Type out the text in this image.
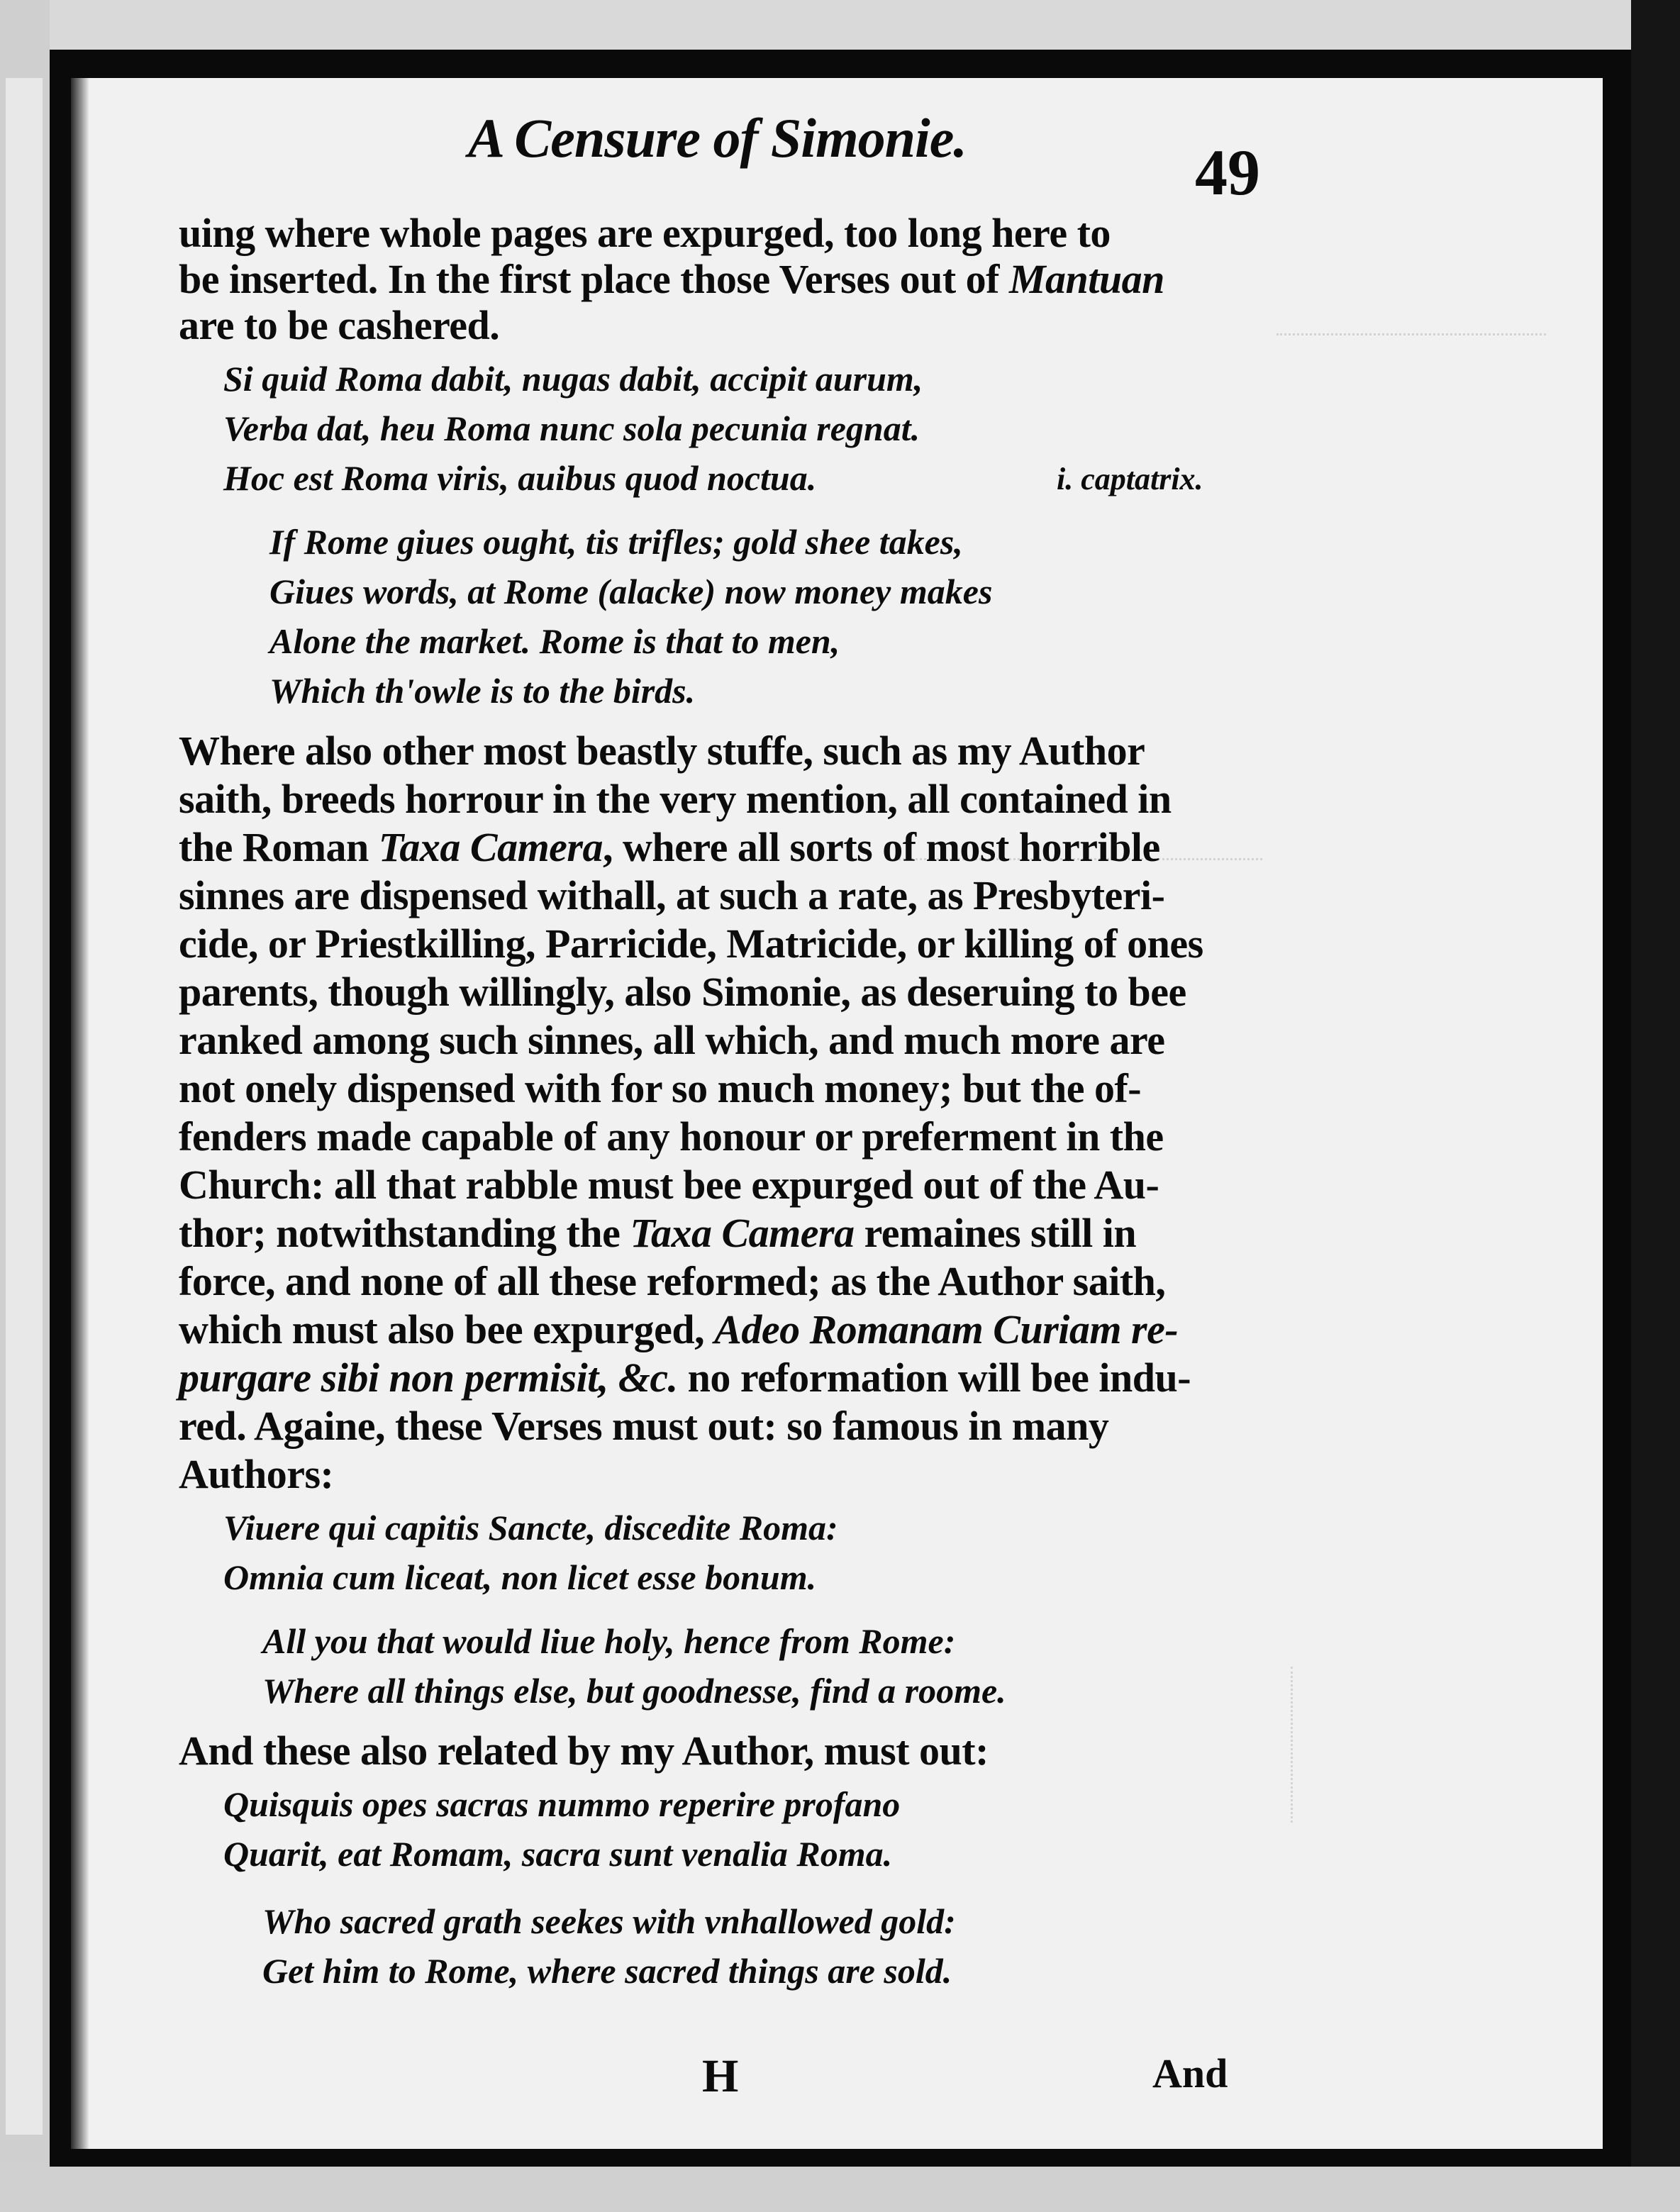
A Censure of Simonie.	49
uing where whole pages are expurged, too long here to
be inserted. In the first place those Verses out of Mantuan
are to be cashered.
Si quid Roma dabit, nugas dabit, accipit aurum,
Verba dat, heu Roma nunc sola pecunia regnat.
Hoc est Roma viris, auibus quod noctua.	i. captatrix.
If Rome giues ought, tis trifles; gold shee takes,
Giues words, at Rome (alacke) now money makes
Alone the market. Rome is that to men,
Which th'owle is to the birds.
Where also other most beastly stuffe, such as my Author
saith, breeds horrour in the very mention, all contained in
the Roman Taxa Camera, where all sorts of most horrible
sinnes are dispensed withall, at such a rate, as Presbyteri-
cide, or Priestkilling, Parricide, Matricide, or killing of ones
parents, though willingly, also Simonie, as deseruing to bee
ranked among such sinnes, all which, and much more are
not onely dispensed with for so much money; but the of-
fenders made capable of any honour or preferment in the
Church: all that rabble must bee expurged out of the Au-
thor; notwithstanding the Taxa Camera remaines still in
force, and none of all these reformed; as the Author saith,
which must also bee expurged, Adeo Romanam Curiam re-
purgare sibi non permisit, &c. no reformation will bee indu-
red. Againe, these Verses must out: so famous in many
Authors:
Viuere qui capitis Sancte, discedite Roma:
Omnia cum liceat, non licet esse bonum.
All you that would liue holy, hence from Rome:
Where all things else, but goodnesse, find a roome.
And these also related by my Author, must out:
Quisquis opes sacras nummo reperire profano
Quarit, eat Romam, sacra sunt venalia Roma.
Who sacred grath seekes with vnhallowed gold:
Get him to Rome, where sacred things are sold.
H	And
